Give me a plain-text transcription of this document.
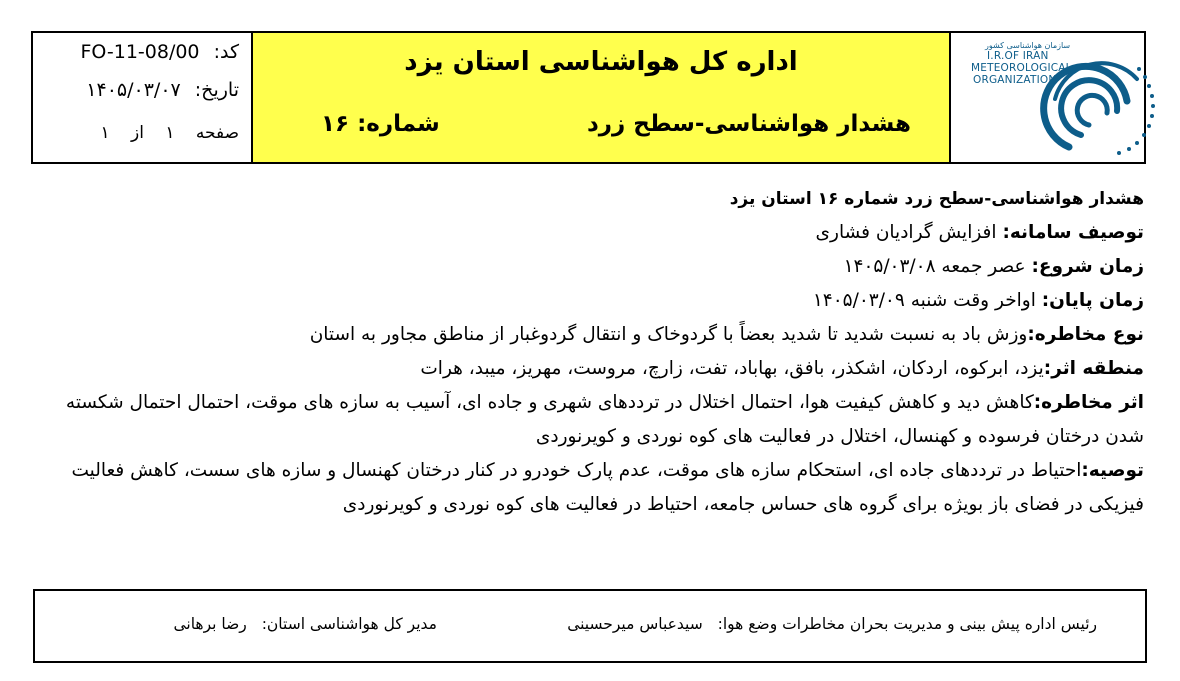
کد: FO-11-08/00
تاریخ: ۱۴۰۵/۰۳/۰۷
صفحه ۱ از ۱
اداره کل هواشناسی استان یزد
هشدار هواشناسی-سطح زرد
شماره: ۱۶
سازمان هواشناسی کشور
I.R.OF IRAN
METEOROLOGICAL
ORGANIZATION
هشدار هواشناسی-سطح زرد شماره ۱۶ استان یزد
توصیف سامانه: افزایش گرادیان فشاری
زمان شروع: عصر جمعه ۱۴۰۵/۰۳/۰۸
زمان پایان: اواخر وقت شنبه ۱۴۰۵/۰۳/۰۹
نوع مخاطره:وزش باد به نسبت شدید تا شدید بعضاً با گردوخاک و انتقال گردوغبار از مناطق مجاور به استان
منطقه اثر:یزد، ابرکوه، اردکان، اشکذر، بافق، بهاباد، تفت، زارچ، مروست، مهریز، میبد، هرات
اثر مخاطره:کاهش دید و کاهش کیفیت هوا، احتمال اختلال در ترددهای شهری و جاده ای، آسیب به سازه های موقت، احتمال احتمال شکسته شدن درختان فرسوده و کهنسال، اختلال در فعالیت های کوه نوردی و کویرنوردی
توصیه:احتیاط در ترددهای جاده ای، استحکام سازه های موقت، عدم پارک خودرو در کنار درختان کهنسال و سازه های سست، کاهش فعالیت فیزیکی در فضای باز بویژه برای گروه های حساس جامعه، احتیاط در فعالیت های کوه نوردی و کویرنوردی
رئیس اداره پیش بینی و مدیریت بحران مخاطرات وضع هوا: سیدعباس میرحسینی
مدیر کل هواشناسی استان: رضا برهانی
